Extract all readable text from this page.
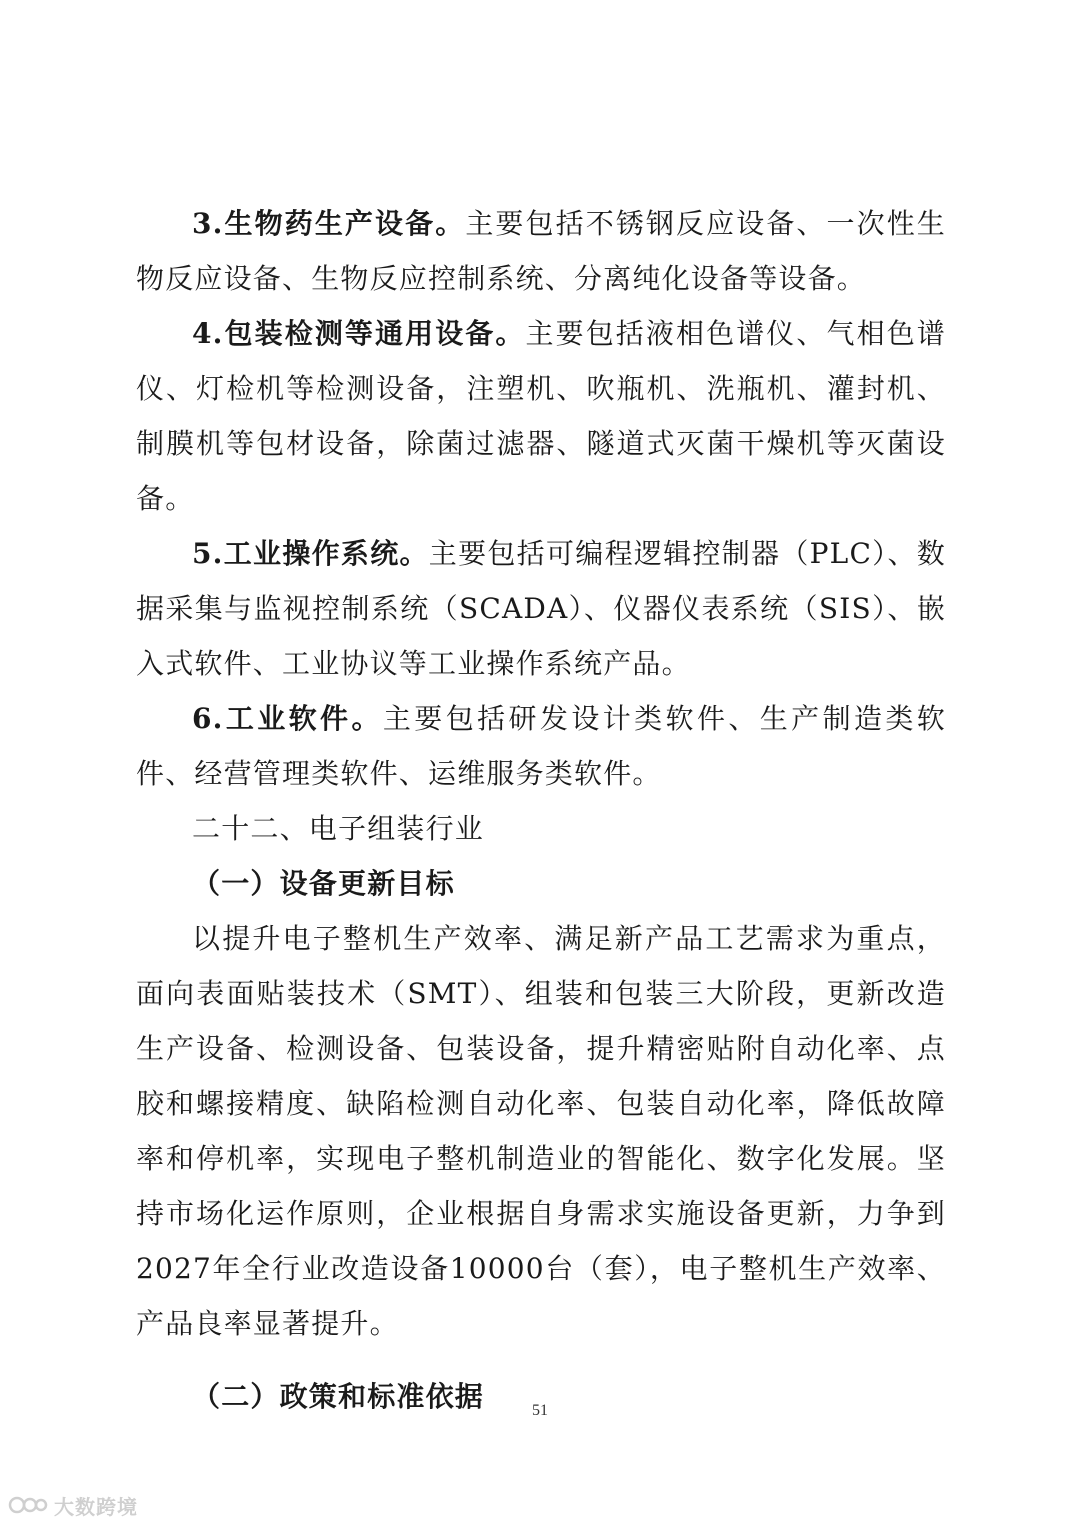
3.生物药生产设备。主要包括不锈钢反应设备、一次性生物反应设备、生物反应控制系统、分离纯化设备等设备。

4.包装检测等通用设备。主要包括液相色谱仪、气相色谱仪、灯检机等检测设备，注塑机、吹瓶机、洗瓶机、灌封机、制膜机等包材设备，除菌过滤器、隧道式灭菌干燥机等灭菌设备。

5.工业操作系统。主要包括可编程逻辑控制器（PLC）、数据采集与监视控制系统（SCADA）、仪器仪表系统（SIS）、嵌入式软件、工业协议等工业操作系统产品。

6.工业软件。主要包括研发设计类软件、生产制造类软件、经营管理类软件、运维服务类软件。

二十二、电子组装行业

（一）设备更新目标

以提升电子整机生产效率、满足新产品工艺需求为重点，面向表面贴装技术（SMT）、组装和包装三大阶段，更新改造生产设备、检测设备、包装设备，提升精密贴附自动化率、点胶和螺接精度、缺陷检测自动化率、包装自动化率，降低故障率和停机率，实现电子整机制造业的智能化、数字化发展。坚持市场化运作原则，企业根据自身需求实施设备更新，力争到2027年全行业改造设备10000台（套），电子整机生产效率、产品良率显著提升。

（二）政策和标准依据	51
大数跨境
